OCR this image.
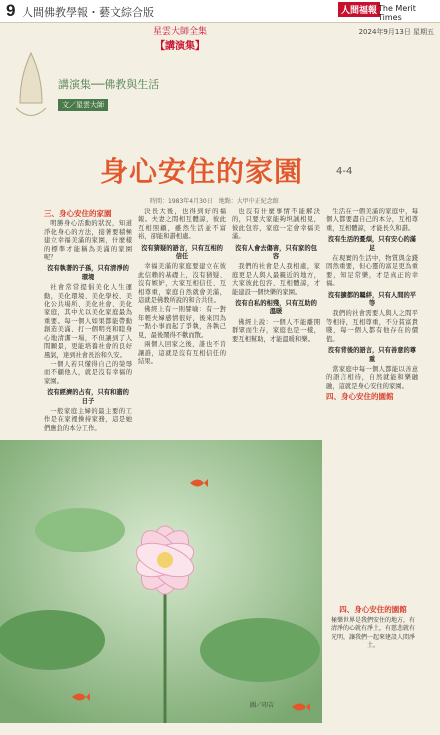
9 人間佛教學報・藝文綜合版	人間福報 The Merit Times
2024年9月13日 星期五
星雲大師全集
【講演集】
講演集──佛教與生活
文／星雲大師
身心安住的家園	4-4
時間：1983年4月30日　地點：大甲中正紀念館

三、身心安住的家園

明勝身心活動的狀況，知道淨化身心的方法，接著要積極建立幸福美滿的家園，什麼樣的標準才能稱為美滿的家園呢？

沒有執著的子孫，只有清淨的環境

社會常常提倡美化人生運動，美化環境、美化學校、美化公共場所、美化社會、美化家庭，其中尤以美化家庭最為重要。每一個人如果都能帶動創造美滿、打一個明亮和睦身心地清潔一場，不但讓到了人間願景，更能培養社會的良好風氣，達到社會長治和久安。

一個人若只懂得自己的榮辱而不顧他人，就是沒有幸福的家園。

沒有經濟的占有，只有和諧的日子

一般家庭主婦的最主要的工作是在家裡操持家務，這是她們應負的本分工作。

決長大後，也得到好的福報。夫妻之間相互體諒，彼此互相照顧，雖然生活並不富裕，卻能和諧相處。

沒有猜疑的語言，只有互相的信任

幸福美滿的家庭要建立在彼此信賴的基礎上，沒有猜疑、沒有嫉妒，大家互相信任、互相尊重，家庭自然就會美滿，這就是佛教所說的和合共住。

佛經上有一則譬喻：有一對年輕夫婦感情很好，後來因為一點小事而起了爭執，各執己見，最後鬧得不歡而散。

兩個人回家之後，誰也不肯讓誰，這就是沒有互相信任的結果。

也沒有什麼事情不能解決的，只要大家能夠坦誠相見，彼此包容，家庭一定會幸福美滿。

沒有人會去傷害，只有家的包容

我們的社會是人我相處，家庭更是人與人最親近的地方，大家彼此包容、互相體諒，才能建設一個快樂的家園。

沒有自私的相殘，只有互助的溫暖

佛經上說：一個人不能離開群眾而生存，家庭也是一樣，要互相幫助，才能溫暖和樂。

生活在一個美滿的家庭中，每個人都要盡自己的本分，互相尊重，互相體諒，才能長久和諧。

沒有生活的憂煩，只有安心的滿足

在現實的生活中，物質與金錢固然重要，但心靈的富足更為重要，知足常樂，才是真正的幸福。

沒有擴都的羈絆，只有人間的平等

我們的社會需要人與人之間平等相待，互相尊重，不分貧富貴賤，每一個人都有他存在的價值。

沒有背後的語言，只有善意的尊重

當家庭中每一個人都能以善意的語言相待，自然就能和樂融融，這就是身心安住的家園。

四、身心安住的園館

圖／印吉
四、身心安住的園館
極樂世界是我們安住的地方，有清淨的心就有淨土，有慈悲就有光明，讓我們一起來建設人間淨土。
